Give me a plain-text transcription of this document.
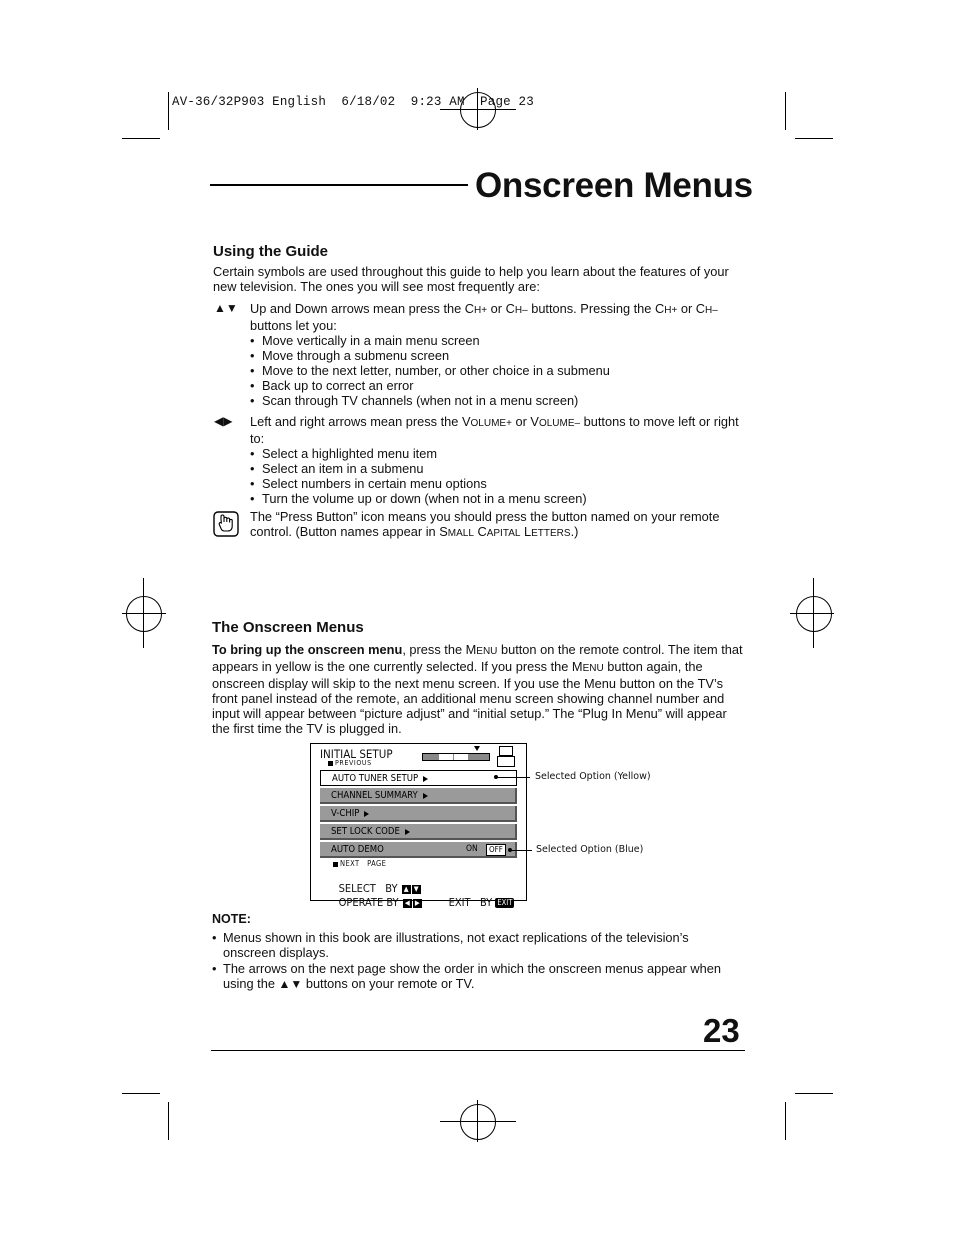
AV-36/32P903 English  6/18/02  9:23 AM  Page 23
Onscreen Menus
Using the Guide
Certain symbols are used throughout this guide to help you learn about the features of your new television. The ones you will see most frequently are:
▲▼ Up and Down arrows mean press the CH+ or CH– buttons. Pressing the CH+ or CH– buttons let you:
• Move vertically in a main menu screen
• Move through a submenu screen
• Move to the next letter, number, or other choice in a submenu
• Back up to correct an error
• Scan through TV channels (when not in a menu screen)
◀▶ Left and right arrows mean press the VOLUME+ or VOLUME– buttons to move left or right to:
• Select a highlighted menu item
• Select an item in a submenu
• Select numbers in certain menu options
• Turn the volume up or down (when not in a menu screen)
The “Press Button” icon means you should press the button named on your remote control. (Button names appear in SMALL CAPITAL LETTERS.)
The Onscreen Menus
To bring up the onscreen menu, press the MENU button on the remote control. The item that appears in yellow is the one currently selected. If you press the MENU button again, the onscreen display will skip to the next menu screen. If you use the Menu button on the TV’s front panel instead of the remote, an additional menu screen showing channel number and input will appear between “picture adjust” and “initial setup.” The “Plug In Menu” will appear the first time the TV is plugged in.
INITIAL SETUP
PREVIOUS
AUTO TUNER SETUP
CHANNEL SUMMARY
V-CHIP
SET LOCK CODE
AUTO DEMO	ON	OFF
NEXT   PAGE

SELECT   BY ▲ ▼

OPERATE BY ◀ ▶
	EXIT   BY EXIT

Selected Option (Yellow)
Selected Option (Blue)
NOTE:
• Menus shown in this book are illustrations, not exact replications of the television’s onscreen displays.
• The arrows on the next page show the order in which the onscreen menus appear when using the ▲▼ buttons on your remote or TV.
23
